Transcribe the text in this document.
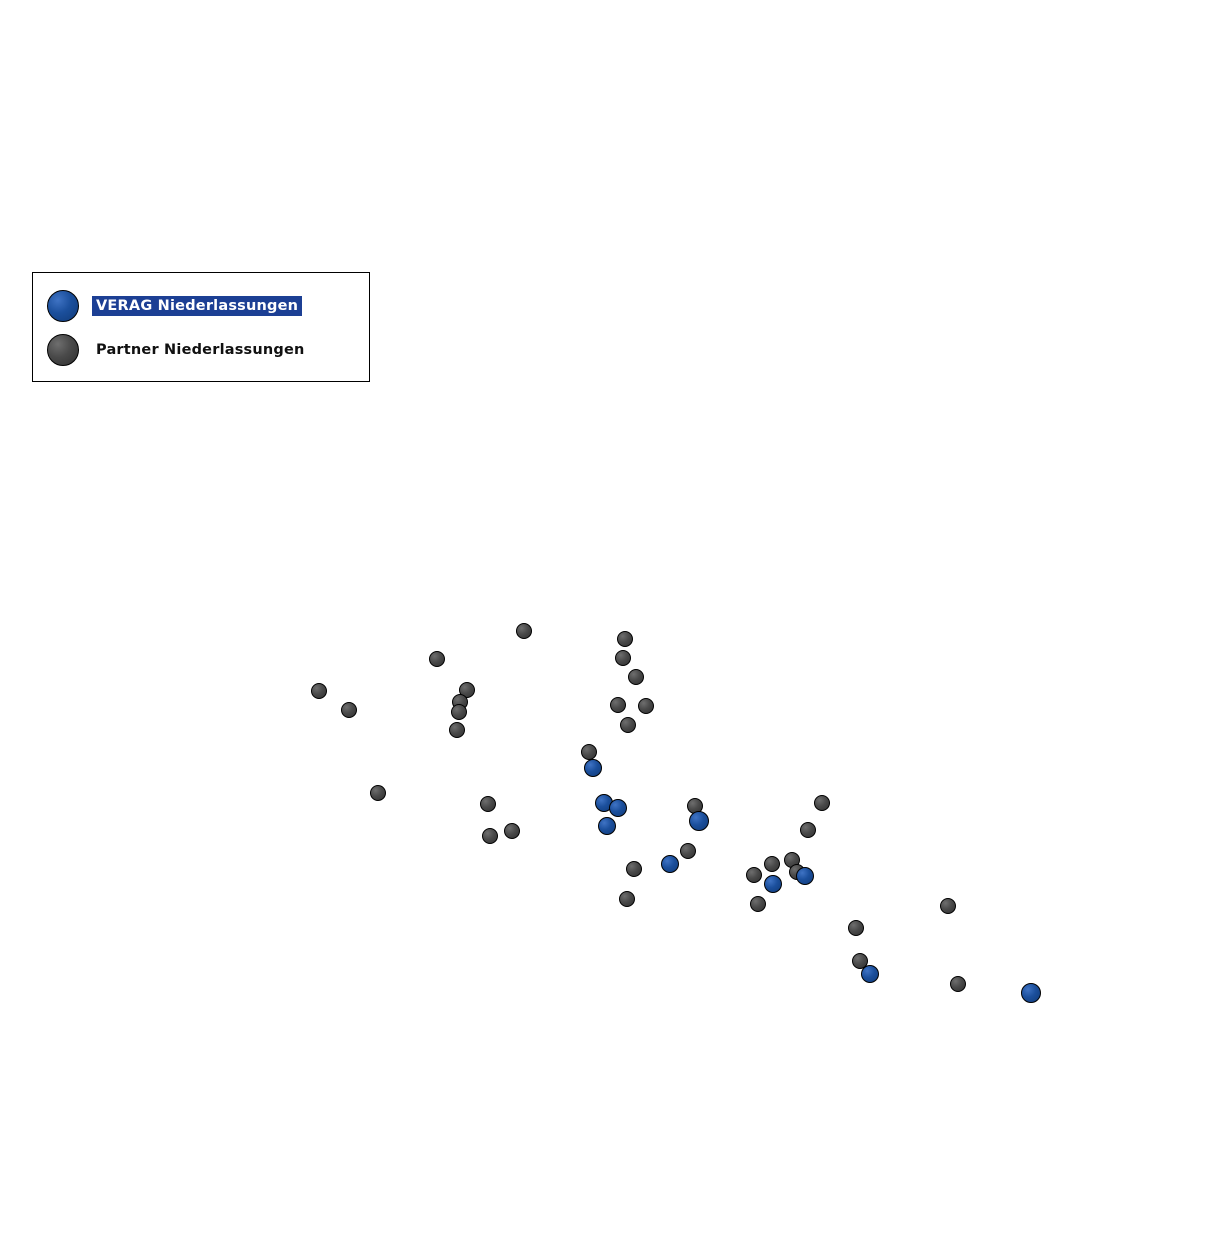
VERAG Niederlassungen
Partner Niederlassungen
